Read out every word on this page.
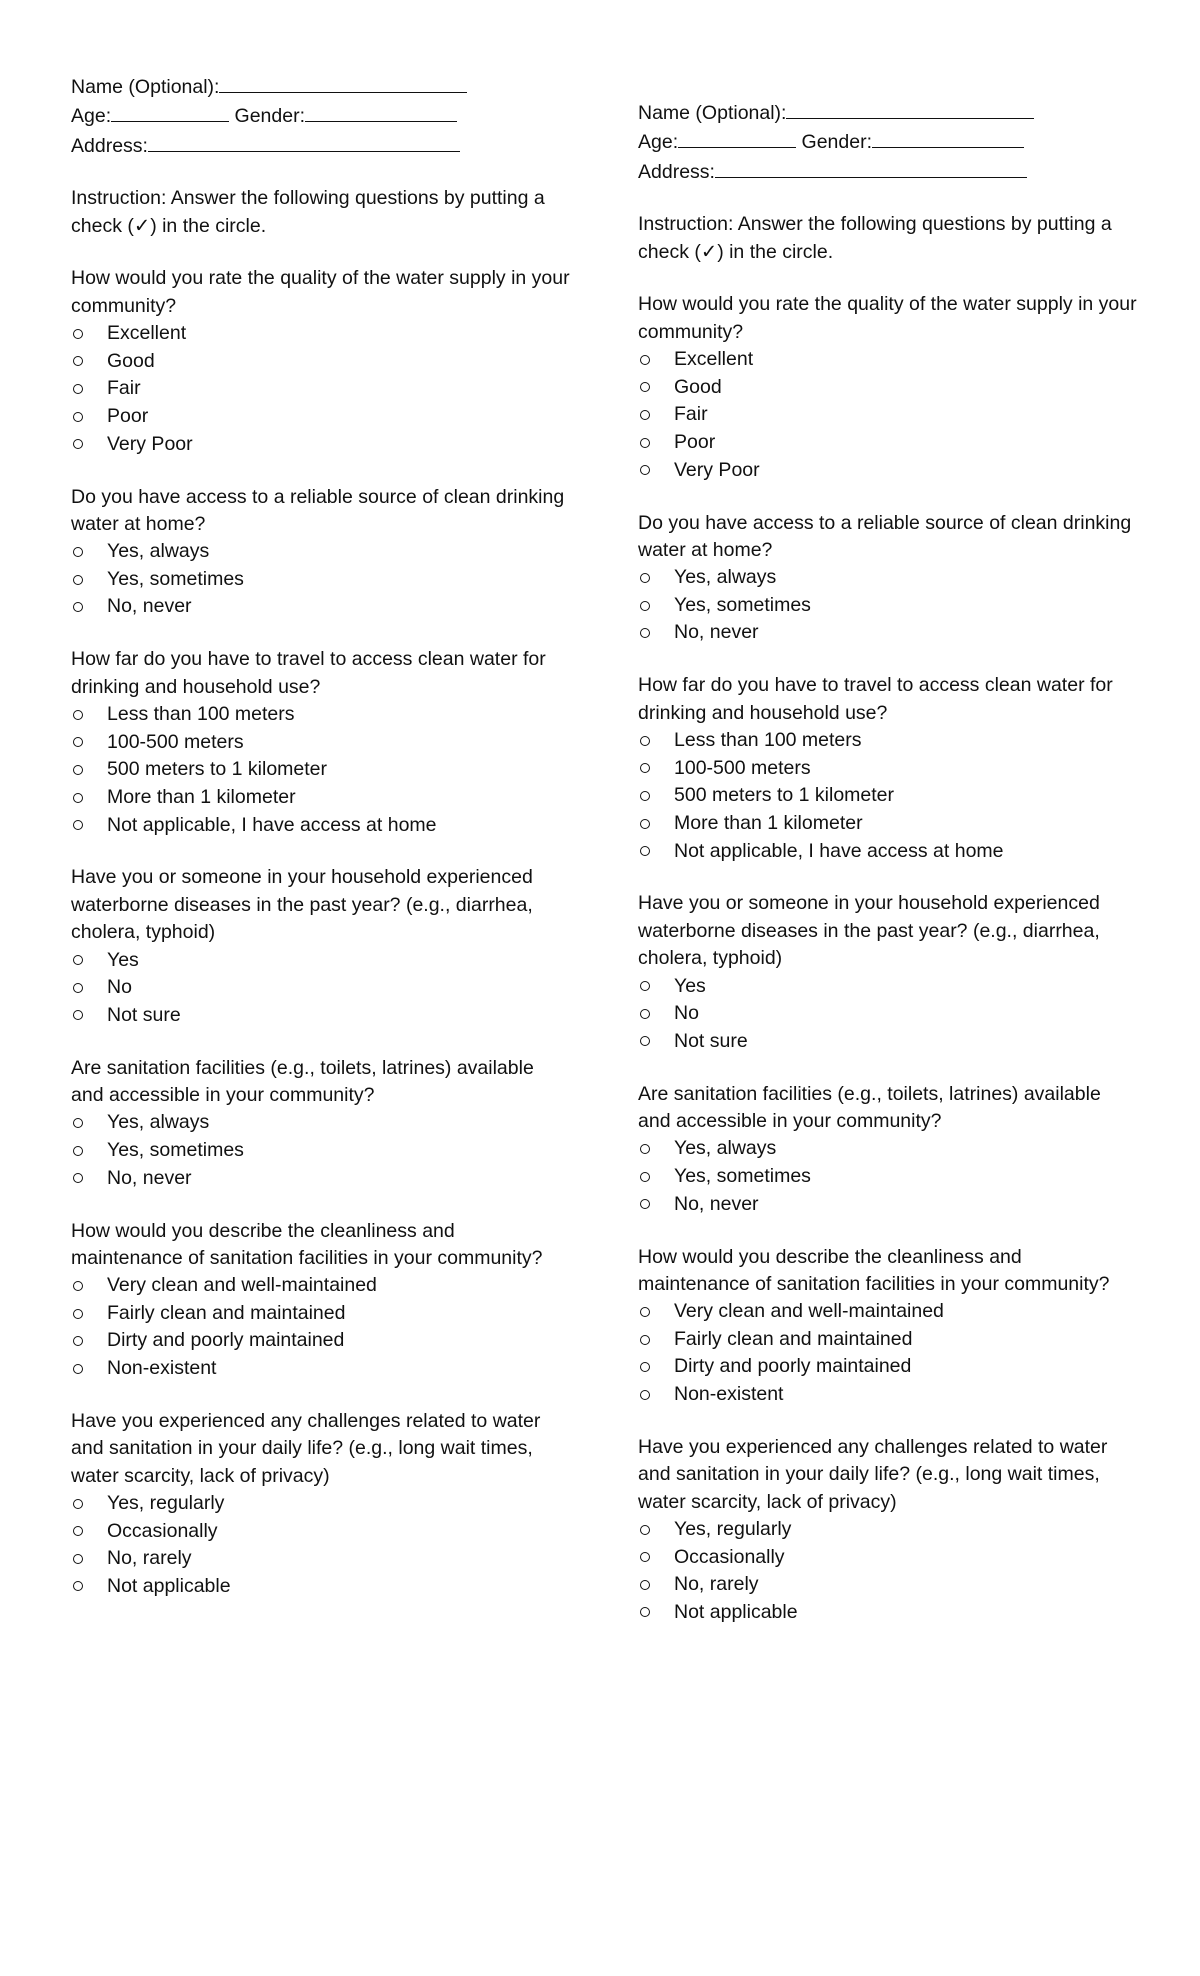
Name (Optional):
Age:	Gender:
Address:
Instruction: Answer the following questions by putting a check (✓) in the circle.
How would you rate the quality of the water supply in your community?
Excellent
Good
Fair
Poor
Very Poor
Do you have access to a reliable source of clean drinking water at home?
Yes, always
Yes, sometimes
No, never
How far do you have to travel to access clean water for drinking and household use?
Less than 100 meters
100-500 meters
500 meters to 1 kilometer
More than 1 kilometer
Not applicable, I have access at home
Have you or someone in your household experienced waterborne diseases in the past year? (e.g., diarrhea, cholera, typhoid)
Yes
No
Not sure
Are sanitation facilities (e.g., toilets, latrines) available and accessible in your community?
Yes, always
Yes, sometimes
No, never
How would you describe the cleanliness and maintenance of sanitation facilities in your community?
Very clean and well-maintained
Fairly clean and maintained
Dirty and poorly maintained
Non-existent
Have you experienced any challenges related to water and sanitation in your daily life? (e.g., long wait times, water scarcity, lack of privacy)
Yes, regularly
Occasionally
No, rarely
Not applicable
Name (Optional):
Age:	Gender:
Address:
Instruction: Answer the following questions by putting a check (✓) in the circle.
How would you rate the quality of the water supply in your community?
Excellent
Good
Fair
Poor
Very Poor
Do you have access to a reliable source of clean drinking water at home?
Yes, always
Yes, sometimes
No, never
How far do you have to travel to access clean water for drinking and household use?
Less than 100 meters
100-500 meters
500 meters to 1 kilometer
More than 1 kilometer
Not applicable, I have access at home
Have you or someone in your household experienced waterborne diseases in the past year? (e.g., diarrhea, cholera, typhoid)
Yes
No
Not sure
Are sanitation facilities (e.g., toilets, latrines) available and accessible in your community?
Yes, always
Yes, sometimes
No, never
How would you describe the cleanliness and maintenance of sanitation facilities in your community?
Very clean and well-maintained
Fairly clean and maintained
Dirty and poorly maintained
Non-existent
Have you experienced any challenges related to water and sanitation in your daily life? (e.g., long wait times, water scarcity, lack of privacy)
Yes, regularly
Occasionally
No, rarely
Not applicable
